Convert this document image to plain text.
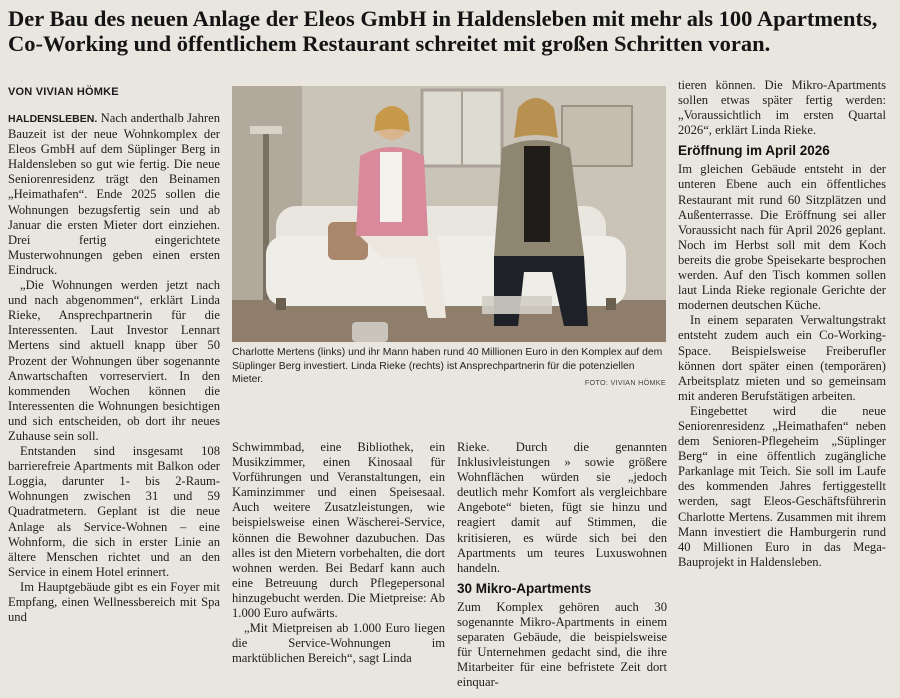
Der Bau des neuen Anlage der Eleos GmbH in Haldensleben mit mehr als 100 Apartments,
Co-Working und öffentlichem Restaurant schreitet mit großen Schritten voran.
VON VIVIAN HÖMKE

HALDENSLEBEN. Nach anderthalb Jahren Bauzeit ist der neue Wohnkomplex der Eleos GmbH auf dem Süplinger Berg in Haldensleben so gut wie fertig. Die neue Seniorenresidenz trägt den Beinamen „Heimathafen“. Ende 2025 sollen die Wohnungen bezugsfertig sein und ab Januar die ersten Mieter dort einziehen. Drei fertig eingerichtete Musterwohnungen geben einen ersten Eindruck.

„Die Wohnungen werden jetzt nach und nach abgenommen“, erklärt Linda Rieke, Ansprechpartnerin für die Interessenten. Laut Investor Lennart Mertens sind aktuell knapp über 50 Prozent der Wohnungen über sogenannte Anwartschaften vorreserviert. In den kommenden Wochen können die Interessenten die Wohnungen besichtigen und sich entscheiden, ob dort ihr neues Zuhause sein soll.

Entstanden sind insgesamt 108 barrierefreie Apartments mit Balkon oder Loggia, darunter 1- bis 2-Raum-Wohnungen zwischen 31 und 59 Quadratmetern. Geplant ist die neue Anlage als Service-Wohnen – eine Wohnform, die sich in erster Linie an ältere Menschen richtet und an den Service in einem Hotel erinnert.

Im Hauptgebäude gibt es ein Foyer mit Empfang, einen Wellnessbereich mit Spa und

Charlotte Mertens (links) und ihr Mann haben rund 40 Millionen Euro in den Komplex auf dem Süplinger Berg investiert. Linda Rieke (rechts) ist Ansprechpartnerin für die potenziellen Mieter.	FOTO: VIVIAN HÖMKE

Schwimmbad, eine Bibliothek, ein Musikzimmer, einen Kinosaal für Vorführungen und Veranstaltungen, ein Kaminzimmer und einen Speisesaal. Auch weitere Zusatzleistungen, wie beispielsweise einen Wäscherei-Service, können die Bewohner dazubuchen. Das alles ist den Mietern vorbehalten, die dort wohnen werden. Bei Bedarf kann auch eine Betreuung durch Pflegepersonal hinzugebucht werden. Die Mietpreise: Ab 1.000 Euro aufwärts.

„Mit Mietpreisen ab 1.000 Euro liegen die Service-Wohnungen im marktüblichen Bereich“, sagt Linda

Rieke. Durch die genannten Inklusivleistungen » sowie größere Wohnflächen würden sie „jedoch deutlich mehr Komfort als vergleichbare Angebote“ bieten, fügt sie hinzu und reagiert damit auf Stimmen, die kritisieren, es würde sich bei den Apartments um teures Luxuswohnen handeln.

30 Mikro-Apartments

Zum Komplex gehören auch 30 sogenannte Mikro-Apartments in einem separaten Gebäude, die beispielsweise für Unternehmen gedacht sind, die ihre Mitarbeiter für eine befristete Zeit dort einquar-

tieren können. Die Mikro-Apartments sollen etwas später fertig werden: „Voraussichtlich im ersten Quartal 2026“, erklärt Linda Rieke.

Eröffnung im April 2026

Im gleichen Gebäude entsteht in der unteren Ebene auch ein öffentliches Restaurant mit rund 60 Sitzplätzen und Außenterrasse. Die Eröffnung sei aller Voraussicht nach für April 2026 geplant. Noch im Herbst soll mit dem Koch bereits die grobe Speisekarte besprochen werden. Auf den Tisch kommen sollen laut Linda Rieke regionale Gerichte der modernen deutschen Küche.

In einem separaten Verwaltungstrakt entsteht zudem auch ein Co-Working-Space. Beispielsweise Freiberufler können dort später einen (temporären) Arbeitsplatz mieten und so gemeinsam mit anderen Berufstätigen arbeiten.

Eingebettet wird die neue Seniorenresidenz „Heimathafen“ neben dem Senioren-Pflegeheim „Süplinger Berg“ in eine öffentlich zugängliche Parkanlage mit Teich. Sie soll im Laufe des kommenden Jahres fertiggestellt werden, sagt Eleos-Geschäftsführerin Charlotte Mertens. Zusammen mit ihrem Mann investiert die Hamburgerin rund 40 Millionen Euro in das Mega-Bauprojekt in Haldensleben.
